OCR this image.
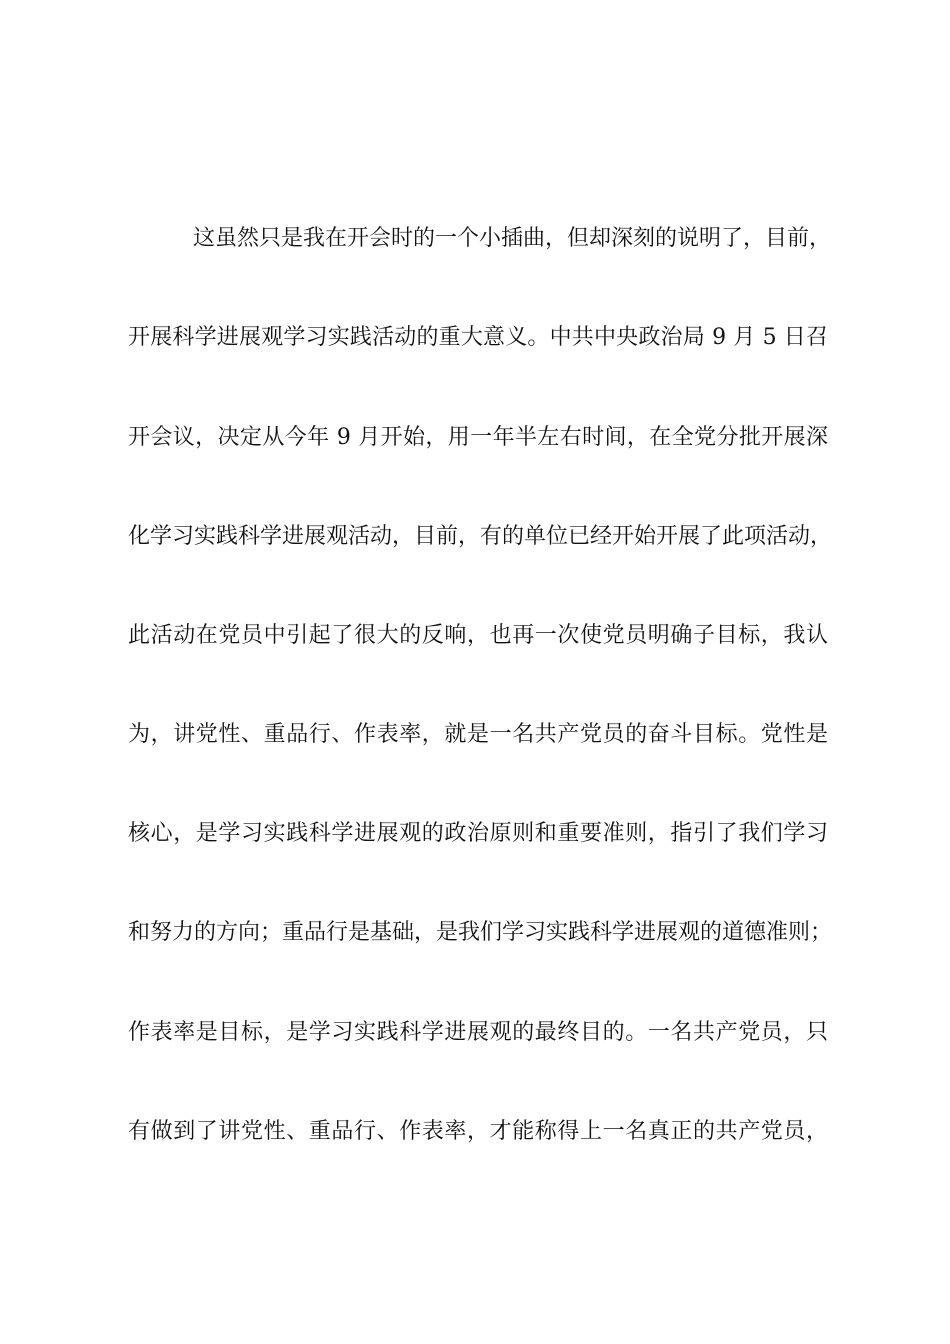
这虽然只是我在开会时的一个小插曲，但却深刻的说明了，目前，
开展科学进展观学习实践活动的重大意义。中共中央政治局 9 月 5 日召
开会议，决定从今年 9 月开始，用一年半左右时间，在全党分批开展深
化学习实践科学进展观活动，目前，有的单位已经开始开展了此项活动，
此活动在党员中引起了很大的反响，也再一次使党员明确子目标，我认
为，讲党性、重品行、作表率，就是一名共产党员的奋斗目标。党性是
核心，是学习实践科学进展观的政治原则和重要准则，指引了我们学习
和努力的方向；重品行是基础，是我们学习实践科学进展观的道德准则；
作表率是目标，是学习实践科学进展观的最终目的。一名共产党员，只
有做到了讲党性、重品行、作表率，才能称得上一名真正的共产党员，
